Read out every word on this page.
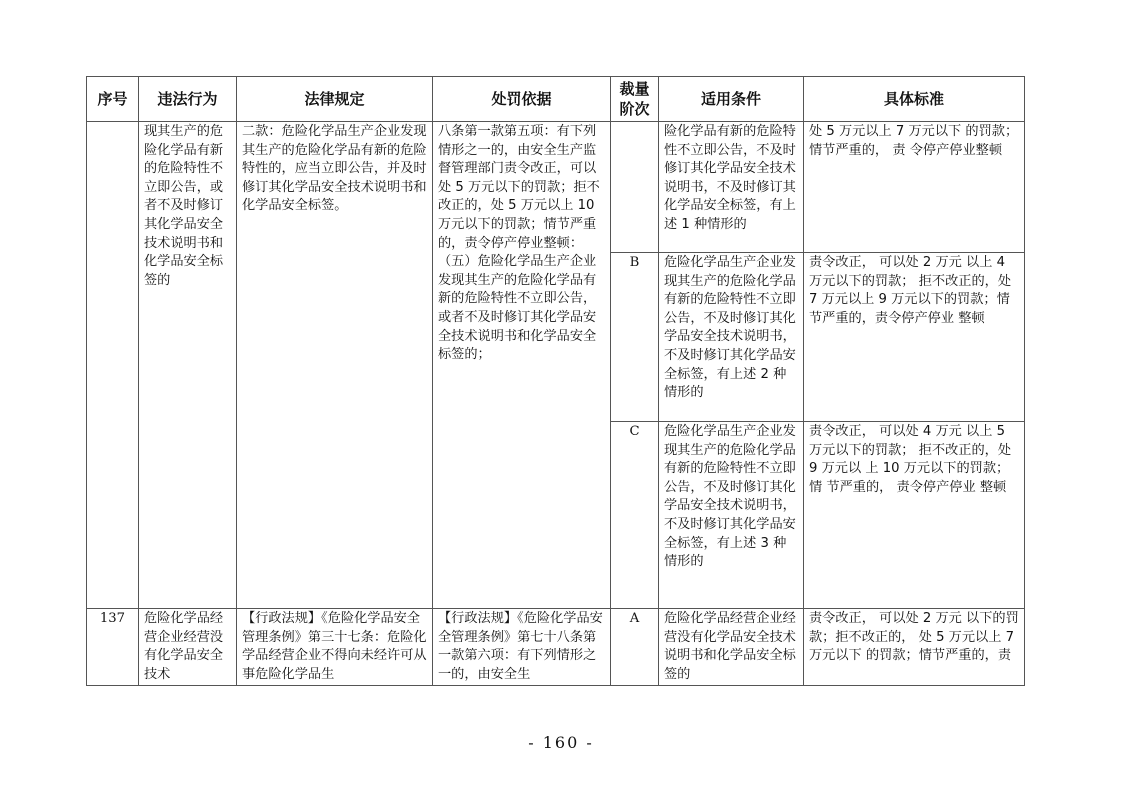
序号	违法行为	法律规定	处罚依据	裁量阶次	适用条件	具体标准
	现其生产的危险化学品有新的危险特性不立即公告，或者不及时修订其化学品安全技术说明书和化学品安全标签的	二款：危险化学品生产企业发现其生产的危险化学品有新的危险特性的，应当立即公告，并及时修订其化学品安全技术说明书和化学品安全标签。	八条第一款第五项：有下列情形之一的，由安全生产监督管理部门责令改正，可以处 5 万元以下的罚款；拒不改正的，处 5 万元以上 10 万元以下的罚款；情节严重的，责令停产停业整顿：（五）危险化学品生产企业发现其生产的危险化学品有新的危险特性不立即公告，或者不及时修订其化学品安全技术说明书和化学品安全标签的；		险化学品有新的危险特性不立即公告，不及时修订其化学品安全技术说明书，不及时修订其化学品安全标签，有上述 1 种情形的	处 5 万元以上 7 万元以下 的罚款； 情节严重的， 责 令停产停业整顿
				B	危险化学品生产企业发现其生产的危险化学品有新的危险特性不立即公告，不及时修订其化学品安全技术说明书，不及时修订其化学品安全标签，有上述 2 种情形的	责令改正， 可以处 2 万元 以上 4 万元以下的罚款； 拒不改正的，处 7 万元以上 9 万元以下的罚款；情 节严重的，责令停产停业 整顿
				C	危险化学品生产企业发现其生产的危险化学品有新的危险特性不立即公告，不及时修订其化学品安全技术说明书，不及时修订其化学品安全标签，有上述 3 种情形的	责令改正， 可以处 4 万元 以上 5 万元以下的罚款； 拒不改正的，处 9 万元以 上 10 万元以下的罚款；情 节严重的， 责令停产停业 整顿
137	危险化学品经营企业经营没有化学品安全技术	【行政法规】《危险化学品安全管理条例》第三十七条：危险化学品经营企业不得向未经许可从事危险化学品生	【行政法规】《危险化学品安全管理条例》第七十八条第一款第六项：有下列情形之一的，由安全生	A	危险化学品经营企业经营没有化学品安全技术说明书和化学品安全标签的	责令改正， 可以处 2 万元 以下的罚款；拒不改正的， 处 5 万元以上 7 万元以下 的罚款；情节严重的，责
- 160 -
